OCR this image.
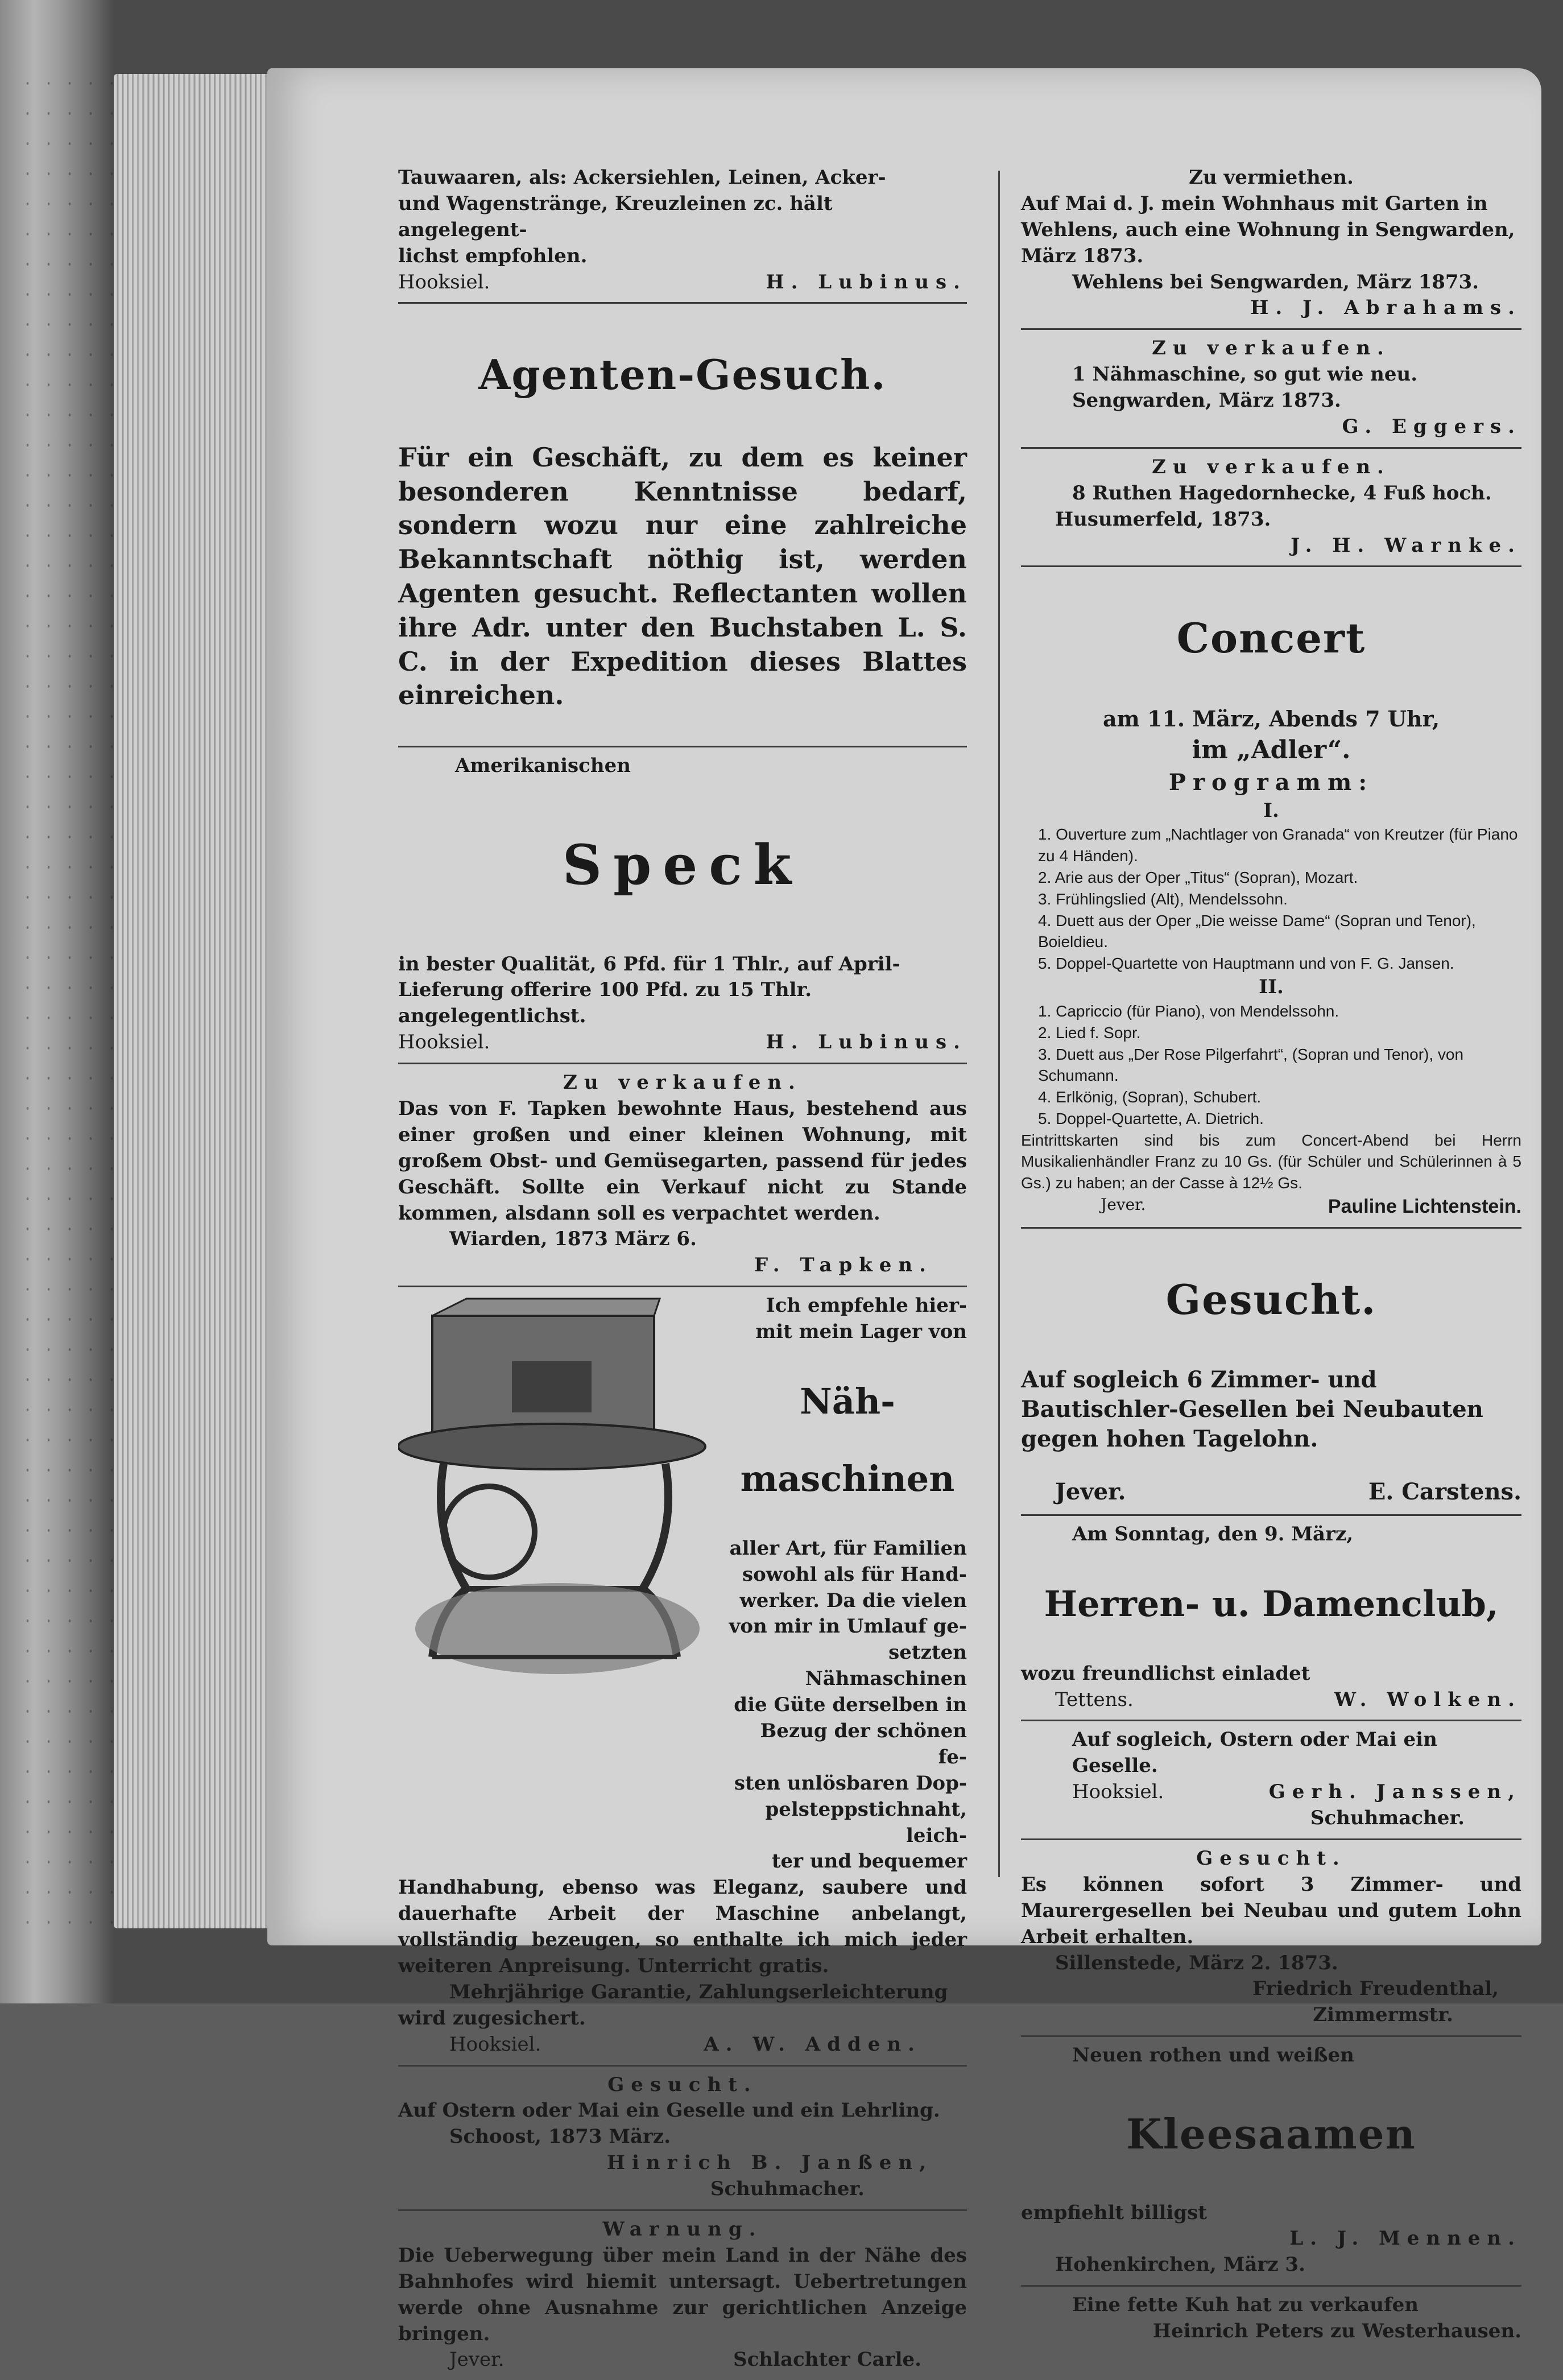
Tauwaaren, als: Ackersiehlen, Leinen, Acker-

und Wagenstränge, Kreuzleinen zc. hält angelegent-

lichst empfohlen.

Hooksiel.	H. Lubinus.

Agenten-Gesuch.

Für ein Geschäft, zu dem es keiner besonderen Kenntnisse bedarf, sondern wozu nur eine zahlreiche Bekanntschaft nöthig ist, werden Agenten gesucht. Reflectanten wollen ihre Adr. unter den Buchstaben L. S. C. in der Expedition dieses Blattes einreichen.

Amerikanischen

Speck

in bester Qualität, 6 Pfd. für 1 Thlr., auf April-

Lieferung offerire 100 Pfd. zu 15 Thlr. angelegentlichst.

Hooksiel.	H. Lubinus.

Zu verkaufen.

Das von F. Tapken bewohnte Haus, bestehend aus einer großen und einer kleinen Wohnung, mit großem Obst- und Gemüsegarten, passend für jedes Geschäft. Sollte ein Verkauf nicht zu Stande kommen, alsdann soll es verpachtet werden.

Wiarden, 1873 März 6.

F. Tapken.

Ich empfehle hier-

mit mein Lager von

Näh-

maschinen

aller Art, für Familien

sowohl als für Hand-

werker. Da die vielen

von mir in Umlauf ge-

setzten Nähmaschinen

die Güte derselben in

Bezug der schönen fe-

sten unlösbaren Dop-

pelsteppstichnaht, leich-

ter und bequemer

Handhabung, ebenso was Eleganz, saubere und dauerhafte Arbeit der Maschine anbelangt, vollständig bezeugen, so enthalte ich mich jeder weiteren Anpreisung. Unterricht gratis.

Mehrjährige Garantie, Zahlungserleichterung

wird zugesichert.

Hooksiel.	A. W. Adden.

Gesucht.

Auf Ostern oder Mai ein Geselle und ein Lehrling.

Schoost, 1873 März.

Hinrich B. Janßen,

Schuhmacher.

Warnung.

Die Ueberwegung über mein Land in der Nähe des Bahnhofes wird hiemit untersagt. Uebertretungen werde ohne Ausnahme zur gerichtlichen Anzeige bringen.

Jever.	Schlachter Carle.

Zu vermiethen.

Auf Mai d. J. mein Wohnhaus mit Garten in Wehlens, auch eine Wohnung in Sengwarden, März 1873.

Wehlens bei Sengwarden, März 1873.

H. J. Abrahams.

Zu verkaufen.

1 Nähmaschine, so gut wie neu.

Sengwarden, März 1873.

G. Eggers.

Zu verkaufen.

8 Ruthen Hagedornhecke, 4 Fuß hoch.

Husumerfeld, 1873.

J. H. Warnke.

Concert

am 11. März, Abends 7 Uhr,

im „Adler“.

Programm:

I.

1. Ouverture zum „Nachtlager von Granada“ von Kreutzer (für Piano zu 4 Händen).

2. Arie aus der Oper „Titus“ (Sopran), Mozart.

3. Frühlingslied (Alt), Mendelssohn.

4. Duett aus der Oper „Die weisse Dame“ (Sopran und Tenor), Boieldieu.

5. Doppel-Quartette von Hauptmann und von F. G. Jansen.

II.

1. Capriccio (für Piano), von Mendelssohn.

2. Lied f. Sopr.

3. Duett aus „Der Rose Pilgerfahrt“, (Sopran und Tenor), von Schumann.

4. Erlkönig, (Sopran), Schubert.

5. Doppel-Quartette, A. Dietrich.

Eintrittskarten sind bis zum Concert-Abend bei Herrn Musikalienhändler Franz zu 10 Gs. (für Schüler und Schülerinnen à 5 Gs.) zu haben; an der Casse à 12½ Gs.

Jever.	Pauline Lichtenstein.

Gesucht.

Auf sogleich 6 Zimmer- und Bautischler-Gesellen bei Neubauten gegen hohen Tagelohn.

Jever.	E. Carstens.

Am Sonntag, den 9. März,

Herren- u. Damenclub,

wozu freundlichst einladet

Tettens.	W. Wolken.

Auf sogleich, Ostern oder Mai ein Geselle.

Hooksiel.	Gerh. Janssen,

Schuhmacher.

Gesucht.

Es können sofort 3 Zimmer- und Maurergesellen bei Neubau und gutem Lohn Arbeit erhalten.

Sillenstede, März 2. 1873.

Friedrich Freudenthal,

Zimmermstr.

Neuen rothen und weißen

Kleesaamen

empfiehlt billigst

L. J. Mennen.

Hohenkirchen, März 3.

Eine fette Kuh hat zu verkaufen

Heinrich Peters zu Westerhausen.
